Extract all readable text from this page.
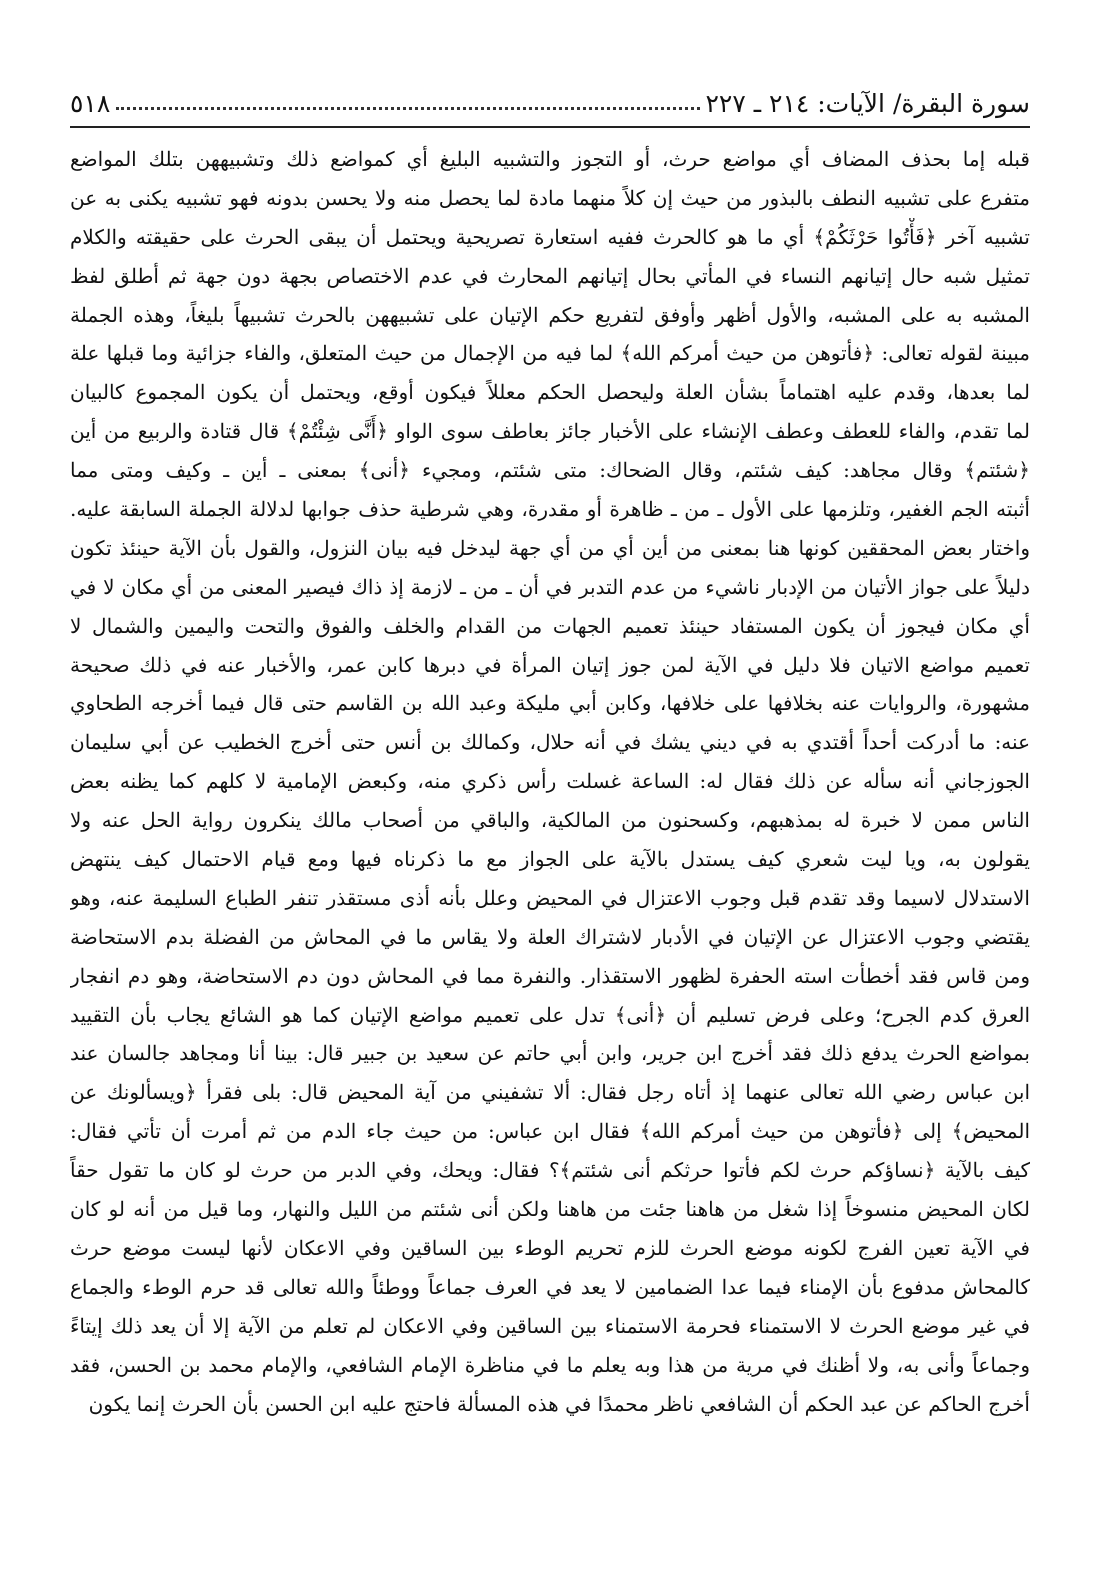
سورة البقرة/ الآيات: ٢١٤ ـ ٢٢٧
٥١٨
قبله إما بحذف المضاف أي مواضع حرث، أو التجوز والتشبيه البليغ أي كمواضع ذلك وتشبيههن بتلك المواضع
متفرع على تشبيه النطف بالبذور من حيث إن كلاً منهما مادة لما يحصل منه ولا يحسن بدونه فهو تشبيه يكنى به عن
تشبيه آخر ﴿فَأْتُوا حَرْثَكُمْ﴾ أي ما هو كالحرث ففيه استعارة تصريحية ويحتمل أن يبقى الحرث على حقيقته والكلام
تمثيل شبه حال إتيانهم النساء في المأتي بحال إتيانهم المحارث في عدم الاختصاص بجهة دون جهة ثم أطلق لفظ
المشبه به على المشبه، والأول أظهر وأوفق لتفريع حكم الإتيان على تشبيههن بالحرث تشبيهاً بليغاً، وهذه الجملة
مبينة لقوله تعالى: ﴿فأتوهن من حيث أمركم الله﴾ لما فيه من الإجمال من حيث المتعلق، والفاء جزائية وما قبلها علة
لما بعدها، وقدم عليه اهتماماً بشأن العلة وليحصل الحكم معللاً فيكون أوقع، ويحتمل أن يكون المجموع كالبيان
لما تقدم، والفاء للعطف وعطف الإنشاء على الأخبار جائز بعاطف سوى الواو ﴿أَنَّى شِئْتُمْ﴾ قال قتادة والربيع من أين
﴿شئتم﴾ وقال مجاهد: كيف شئتم، وقال الضحاك: متى شئتم، ومجيء ﴿أنى﴾ بمعنى ـ أين ـ وكيف ومتى مما
أثبته الجم الغفير، وتلزمها على الأول ـ من ـ ظاهرة أو مقدرة، وهي شرطية حذف جوابها لدلالة الجملة السابقة عليه.
واختار بعض المحققين كونها هنا بمعنى من أين أي من أي جهة ليدخل فيه بيان النزول، والقول بأن الآية حينئذ تكون
دليلاً على جواز الأتيان من الإدبار ناشيء من عدم التدبر في أن ـ من ـ لازمة إذ ذاك فيصير المعنى من أي مكان لا في
أي مكان فيجوز أن يكون المستفاد حينئذ تعميم الجهات من القدام والخلف والفوق والتحت واليمين والشمال لا
تعميم مواضع الاتيان فلا دليل في الآية لمن جوز إتيان المرأة في دبرها كابن عمر، والأخبار عنه في ذلك صحيحة
مشهورة، والروايات عنه بخلافها على خلافها، وكابن أبي مليكة وعبد الله بن القاسم حتى قال فيما أخرجه الطحاوي
عنه: ما أدركت أحداً أقتدي به في ديني يشك في أنه حلال، وكمالك بن أنس حتى أخرج الخطيب عن أبي سليمان
الجوزجاني أنه سأله عن ذلك فقال له: الساعة غسلت رأس ذكري منه، وكبعض الإمامية لا كلهم كما يظنه بعض
الناس ممن لا خبرة له بمذهبهم، وكسحنون من المالكية، والباقي من أصحاب مالك ينكرون رواية الحل عنه ولا
يقولون به، ويا ليت شعري كيف يستدل بالآية على الجواز مع ما ذكرناه فيها ومع قيام الاحتمال كيف ينتهض
الاستدلال لاسيما وقد تقدم قبل وجوب الاعتزال في المحيض وعلل بأنه أذى مستقذر تنفر الطباع السليمة عنه، وهو
يقتضي وجوب الاعتزال عن الإتيان في الأدبار لاشتراك العلة ولا يقاس ما في المحاش من الفضلة بدم الاستحاضة
ومن قاس فقد أخطأت استه الحفرة لظهور الاستقذار. والنفرة مما في المحاش دون دم الاستحاضة، وهو دم انفجار
العرق كدم الجرح؛ وعلى فرض تسليم أن ﴿أنى﴾ تدل على تعميم مواضع الإتيان كما هو الشائع يجاب بأن التقييد
بمواضع الحرث يدفع ذلك فقد أخرج ابن جرير، وابن أبي حاتم عن سعيد بن جبير قال: بينا أنا ومجاهد جالسان عند
ابن عباس رضي الله تعالى عنهما إذ أتاه رجل فقال: ألا تشفيني من آية المحيض قال: بلى فقرأ ﴿ويسألونك عن
المحيض﴾ إلى ﴿فأتوهن من حيث أمركم الله﴾ فقال ابن عباس: من حيث جاء الدم من ثم أمرت أن تأتي فقال:
كيف بالآية ﴿نساؤكم حرث لكم فأتوا حرثكم أنى شئتم﴾؟ فقال: ويحك، وفي الدبر من حرث لو كان ما تقول حقاً
لكان المحيض منسوخاً إذا شغل من هاهنا جئت من هاهنا ولكن أنى شئتم من الليل والنهار، وما قيل من أنه لو كان
في الآية تعين الفرج لكونه موضع الحرث للزم تحريم الوطء بين الساقين وفي الاعكان لأنها ليست موضع حرث
كالمحاش مدفوع بأن الإمناء فيما عدا الضمامين لا يعد في العرف جماعاً ووطئاً والله تعالى قد حرم الوطء والجماع
في غير موضع الحرث لا الاستمناء فحرمة الاستمناء بين الساقين وفي الاعكان لم تعلم من الآية إلا أن يعد ذلك إيتاءً
وجماعاً وأنى به، ولا أظنك في مرية من هذا وبه يعلم ما في مناظرة الإمام الشافعي، والإمام محمد بن الحسن، فقد
أخرج الحاكم عن عبد الحكم أن الشافعي ناظر محمدًا في هذه المسألة فاحتج عليه ابن الحسن بأن الحرث إنما يكون
